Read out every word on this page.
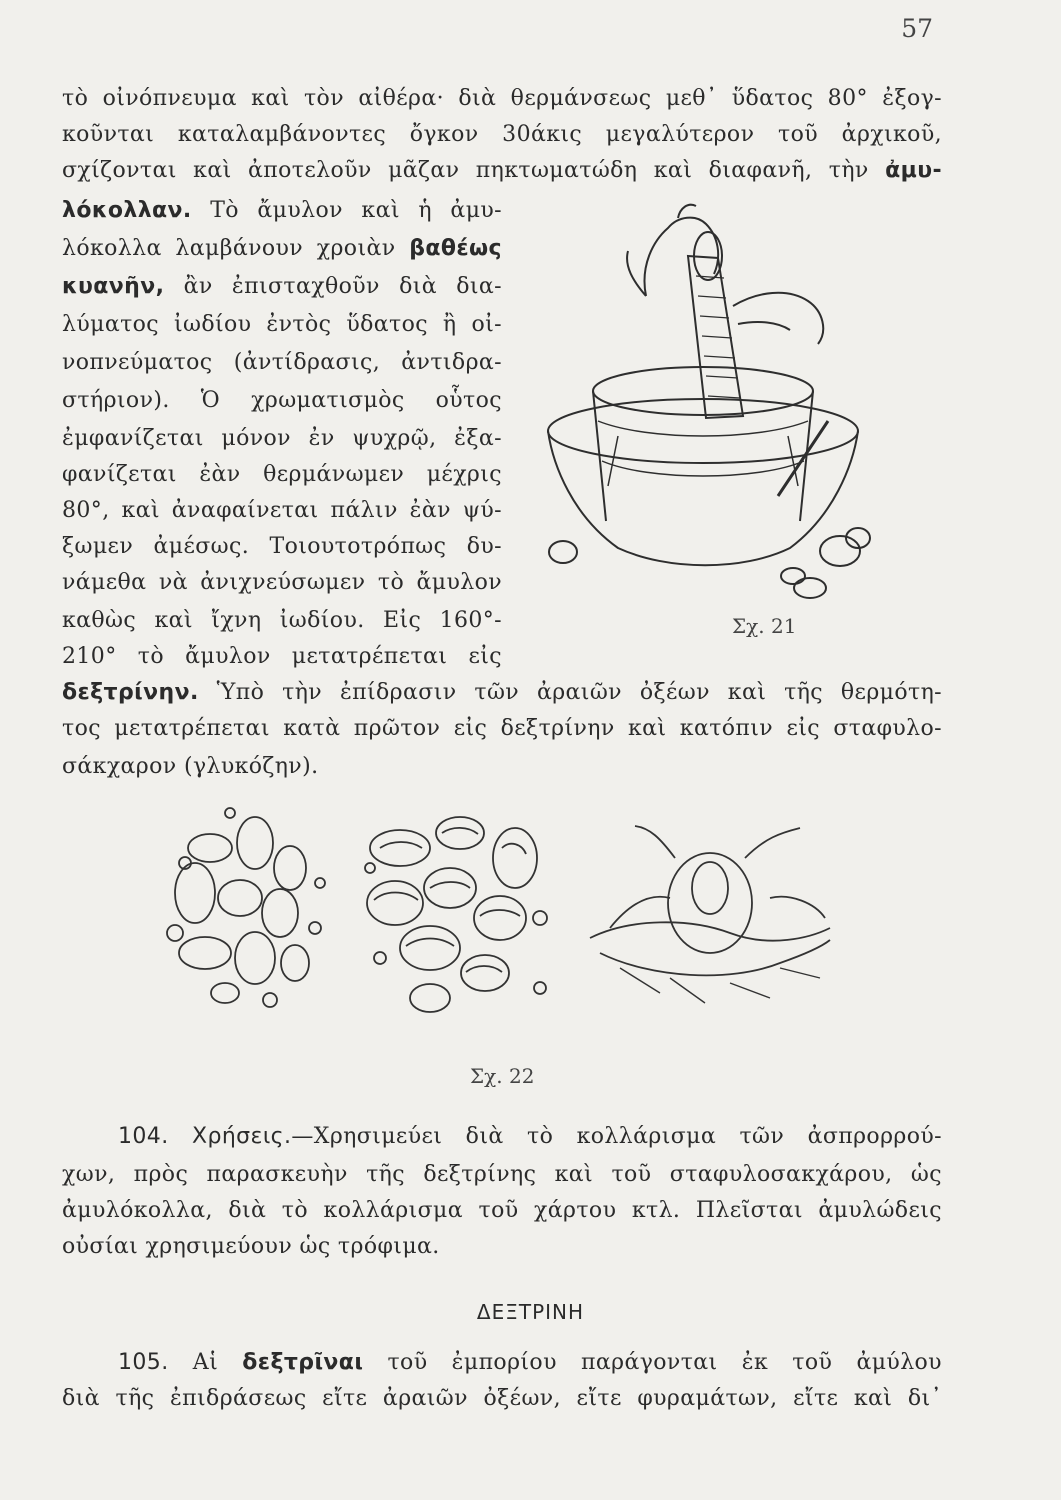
57
τὸ οἰνόπνευμα καὶ τὸν αἰθέρα· διὰ θερμάνσεως μεθ᾽ ὕδατος 80° ἐξογ-
κοῦνται καταλαμβάνοντες ὄγκον 30άκις μεγαλύτερον τοῦ ἀρχικοῦ,
σχίζονται καὶ ἀποτελοῦν μᾶζαν πηκτωματώδη καὶ διαφανῆ, τὴν ἀμυ-
λόκολλαν. Τὸ ἄμυλον καὶ ἡ ἀμυ-
λόκολλα λαμβάνουν χροιὰν βαθέως
κυανῆν, ἂν ἐπισταχθοῦν διὰ δια-
λύματος ἰωδίου ἐντὸς ὕδατος ἢ οἰ-
νοπνεύματος (ἀντίδρασις, ἀντιδρα-
στήριον). Ὁ χρωματισμὸς οὗτος
ἐμφανίζεται μόνον ἐν ψυχρῷ, ἐξα-
φανίζεται ἐὰν θερμάνωμεν μέχρις
80°, καὶ ἀναφαίνεται πάλιν ἐὰν ψύ-
ξωμεν ἀμέσως. Τοιουτοτρόπως δυ-
νάμεθα νὰ ἀνιχνεύσωμεν τὸ ἄμυλον
καθὼς καὶ ἴχνη ἰωδίου. Εἰς 160°-
210° τὸ ἄμυλον μετατρέπεται εἰς
δεξτρίνην. Ὑπὸ τὴν ἐπίδρασιν τῶν ἀραιῶν ὀξέων καὶ τῆς θερμότη-
τος μετατρέπεται κατὰ πρῶτον εἰς δεξτρίνην καὶ κατόπιν εἰς σταφυλο-
σάκχαρον (γλυκόζην).
Σχ. 21
Σχ. 22
104. Χρήσεις.—Χρησιμεύει διὰ τὸ κολλάρισμα τῶν ἀσπρορρού-
χων, πρὸς παρασκευὴν τῆς δεξτρίνης καὶ τοῦ σταφυλοσακχάρου, ὡς
ἀμυλόκολλα, διὰ τὸ κολλάρισμα τοῦ χάρτου κτλ. Πλεῖσται ἀμυλώδεις
οὐσίαι χρησιμεύουν ὡς τρόφιμα.
ΔΕΞΤΡΙΝΗ
105. Αἱ δεξτρῖναι τοῦ ἐμπορίου παράγονται ἐκ τοῦ ἀμύλου
διὰ τῆς ἐπιδράσεως εἴτε ἀραιῶν ὀξέων, εἴτε φυραμάτων, εἴτε καὶ δι᾽
